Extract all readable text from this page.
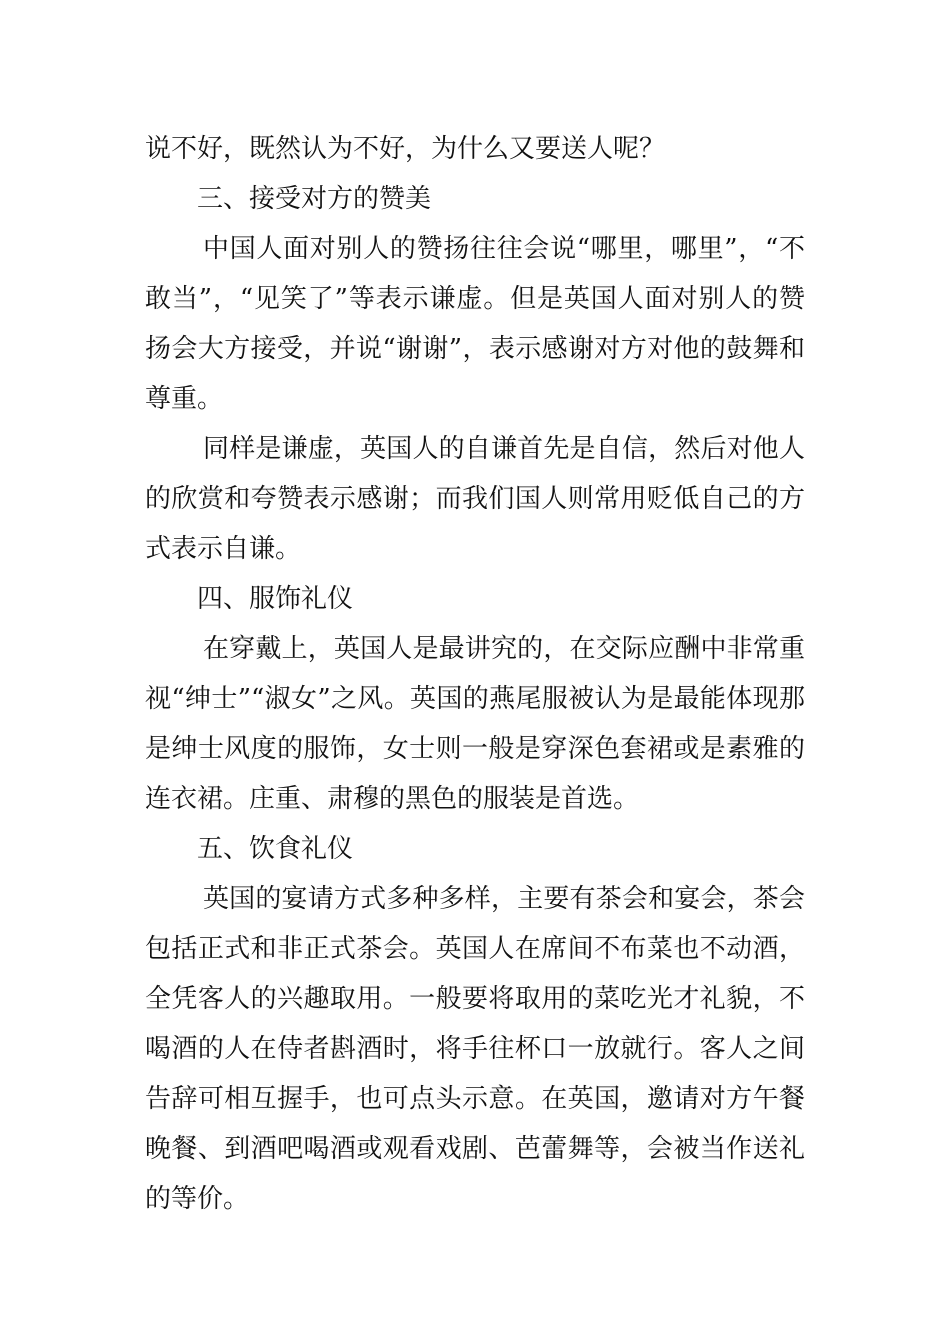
说不好，既然认为不好，为什么又要送人呢？

三、接受对方的赞美

中国人面对别人的赞扬往往会说“哪里，哪里”，“不敢当”，“见笑了”等表示谦虚。但是英国人面对别人的赞扬会大方接受，并说“谢谢”，表示感谢对方对他的鼓舞和尊重。

同样是谦虚，英国人的自谦首先是自信，然后对他人的欣赏和夸赞表示感谢；而我们国人则常用贬低自己的方式表示自谦。

四、服饰礼仪

在穿戴上，英国人是最讲究的，在交际应酬中非常重视“绅士”“淑女”之风。英国的燕尾服被认为是最能体现那是绅士风度的服饰，女士则一般是穿深色套裙或是素雅的连衣裙。庄重、肃穆的黑色的服装是首选。

五、饮食礼仪

英国的宴请方式多种多样，主要有茶会和宴会，茶会包括正式和非正式茶会。英国人在席间不布菜也不动酒，全凭客人的兴趣取用。一般要将取用的菜吃光才礼貌，不喝酒的人在侍者斟酒时，将手往杯口一放就行。客人之间告辞可相互握手，也可点头示意。在英国，邀请对方午餐晚餐、到酒吧喝酒或观看戏剧、芭蕾舞等，会被当作送礼的等价。
